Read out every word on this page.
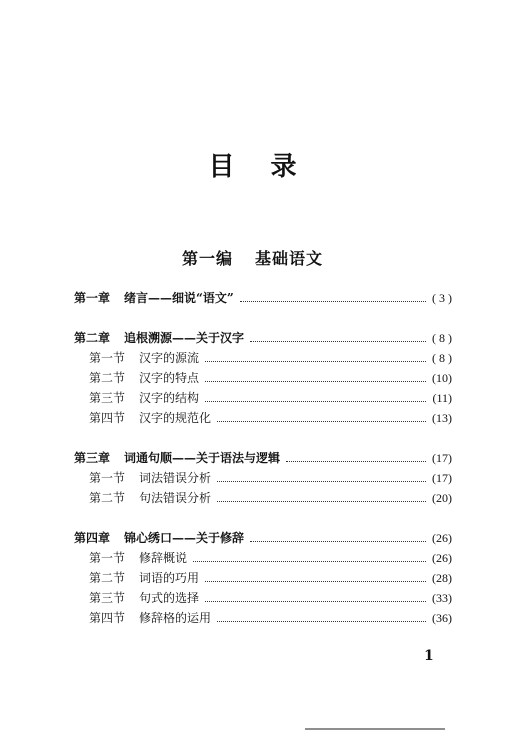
目录
第一编 基础语文
第一章 绪言——细说“语文”	( 3 )
第二章 追根溯源——关于汉字	( 8 )
第一节 汉字的源流	( 8 )
第二节 汉字的特点	(10)
第三节 汉字的结构	(11)
第四节 汉字的规范化	(13)
第三章 词通句顺——关于语法与逻辑	(17)
第一节 词法错误分析	(17)
第二节 句法错误分析	(20)
第四章 锦心绣口——关于修辞	(26)
第一节 修辞概说	(26)
第二节 词语的巧用	(28)
第三节 句式的选择	(33)
第四节 修辞格的运用	(36)
1
